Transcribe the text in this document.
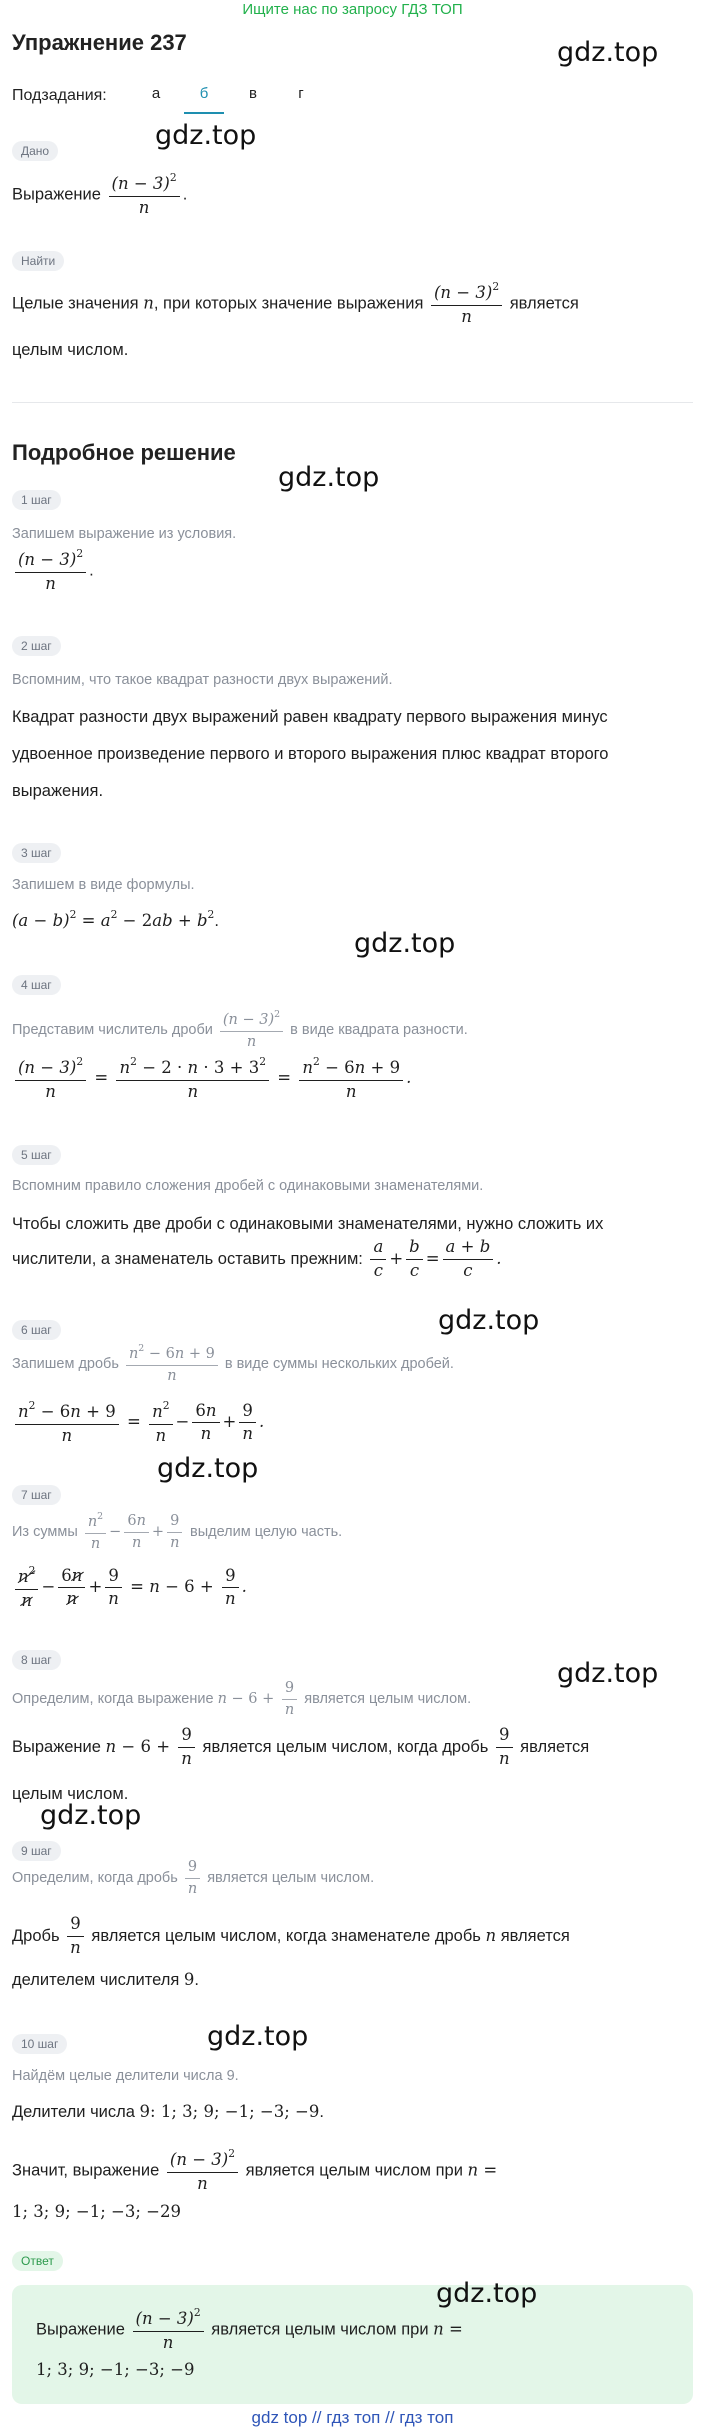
Ищите нас по запросу ГДЗ ТОП
Упражнение 237	gdz.top
gdz.top
gdz.top
gdz.top
gdz.top
gdz.top
gdz.top
gdz.top
gdz.top
Подзадания:	а	б	в	г
Дано
Выражение $\frac{(n - 3)^2}{n}$ .
Найти
Целые значения n, при которых значение выражения $\frac{(n - 3)^2}{n}$ является
целым числом.
Подробное решение
1 шаг
Запишем выражение из условия.
$\frac{(n - 3)^2}{n}$ .
2 шаг
Вспомним, что такое квадрат разности двух выражений.
Квадрат разности двух выражений равен квадрату первого выражения минус
удвоенное произведение первого и второго выражения плюс квадрат второго
выражения.
3 шаг
Запишем в виде формулы.
$(a - b)^2 = a^2 - 2ab + b^2$.
4 шаг
Представим числитель дроби $\frac{(n - 3)^2}{n}$ в виде квадрата разности.
$\frac{(n - 3)^2}{n} = \frac{n^2 - 2 \cdot n \cdot 3 + 3^2}{n} = \frac{n^2 - 6n + 9}{n}$ .
5 шаг
Вспомним правило сложения дробей с одинаковыми знаменателями.
Чтобы сложить две дроби с одинаковыми знаменателями, нужно сложить их
числители, а знаменатель оставить прежним: $\frac{a}{c} + \frac{b}{c} = \frac{a + b}{c}$ .
6 шаг
Запишем дробь $\frac{n^2 - 6n + 9}{n}$ в виде суммы нескольких дробей.
$\frac{n^2 - 6n + 9}{n} = \frac{n^2}{n} - \frac{6n}{n} + \frac{9}{n}$ .
7 шаг
Из суммы $\frac{n^2}{n} - \frac{6n}{n} + \frac{9}{n}$ выделим целую часть.
$\frac{n^2}{n} - \frac{6n}{n} + \frac{9}{n} = n - 6 + \frac{9}{n}$ .
8 шаг
Определим, когда выражение $n - 6 + \frac{9}{n}$ является целым числом.
Выражение $n - 6 + \frac{9}{n}$ является целым числом, когда дробь $\frac{9}{n}$ является
целым числом.
9 шаг
Определим, когда дробь $\frac{9}{n}$ является целым числом.
Дробь $\frac{9}{n}$ является целым числом, когда знаменателе дробь n является
делителем числителя 9.
10 шаг
Найдём целые делители числа 9.
Делители числа 9: 1; 3; 9; −1; −3; −9.
Значит, выражение $\frac{(n - 3)^2}{n}$ является целым числом при n =
1; 3; 9; −1; −3; −29
Ответ
Выражение $\frac{(n - 3)^2}{n}$ является целым числом при n =
1; 3; 9; −1; −3; −9
gdz.top
gdz top // гдз топ // гдз топ
